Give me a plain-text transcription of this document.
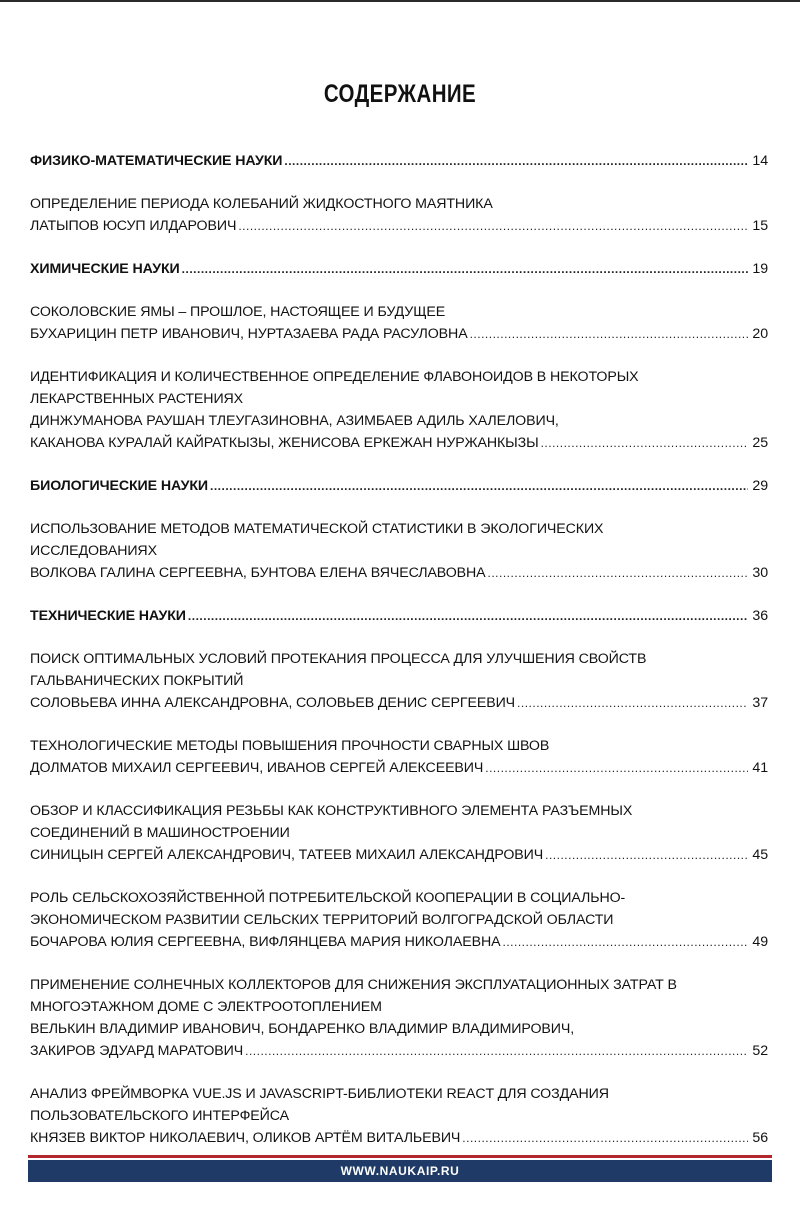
СОДЕРЖАНИЕ
ФИЗИКО-МАТЕМАТИЧЕСКИЕ НАУКИ .....	14
ОПРЕДЕЛЕНИЕ ПЕРИОДА КОЛЕБАНИЙ ЖИДКОСТНОГО МАЯТНИКА
ЛАТЫПОВ ЮСУП ИЛДАРОВИЧ .....	15
ХИМИЧЕСКИЕ НАУКИ .....	19
СОКОЛОВСКИЕ ЯМЫ – ПРОШЛОЕ, НАСТОЯЩЕЕ И БУДУЩЕЕ
БУХАРИЦИН ПЕТР ИВАНОВИЧ, НУРТАЗАЕВА РАДА РАСУЛОВНА .....	20
ИДЕНТИФИКАЦИЯ И КОЛИЧЕСТВЕННОЕ ОПРЕДЕЛЕНИЕ ФЛАВОНОИДОВ В НЕКОТОРЫХ
ЛЕКАРСТВЕННЫХ РАСТЕНИЯХ
ДИНЖУМАНОВА РАУШАН ТЛЕУГАЗИНОВНА, АЗИМБАЕВ АДИЛЬ ХАЛЕЛОВИЧ,
КАКАНОВА КУРАЛАЙ КАЙРАТКЫЗЫ, ЖЕНИСОВА ЕРКЕЖАН НУРЖАНКЫЗЫ .....	25
БИОЛОГИЧЕСКИЕ НАУКИ .....	29
ИСПОЛЬЗОВАНИЕ МЕТОДОВ МАТЕМАТИЧЕСКОЙ СТАТИСТИКИ В ЭКОЛОГИЧЕСКИХ
ИССЛЕДОВАНИЯХ
ВОЛКОВА ГАЛИНА СЕРГЕЕВНА, БУНТОВА ЕЛЕНА ВЯЧЕСЛАВОВНА .....	30
ТЕХНИЧЕСКИЕ НАУКИ .....	36
ПОИСК ОПТИМАЛЬНЫХ УСЛОВИЙ ПРОТЕКАНИЯ ПРОЦЕССА ДЛЯ УЛУЧШЕНИЯ СВОЙСТВ
ГАЛЬВАНИЧЕСКИХ ПОКРЫТИЙ
СОЛОВЬЕВА ИННА АЛЕКСАНДРОВНА, СОЛОВЬЕВ ДЕНИС СЕРГЕЕВИЧ .....	37
ТЕХНОЛОГИЧЕСКИЕ МЕТОДЫ ПОВЫШЕНИЯ ПРОЧНОСТИ СВАРНЫХ ШВОВ
ДОЛМАТОВ МИХАИЛ СЕРГЕЕВИЧ, ИВАНОВ СЕРГЕЙ АЛЕКСЕЕВИЧ .....	41
ОБЗОР И КЛАССИФИКАЦИЯ РЕЗЬБЫ КАК КОНСТРУКТИВНОГО ЭЛЕМЕНТА РАЗЪЕМНЫХ
СОЕДИНЕНИЙ В МАШИНОСТРОЕНИИ
СИНИЦЫН СЕРГЕЙ АЛЕКСАНДРОВИЧ, ТАТЕЕВ МИХАИЛ АЛЕКСАНДРОВИЧ .....	45
РОЛЬ СЕЛЬСКОХОЗЯЙСТВЕННОЙ ПОТРЕБИТЕЛЬСКОЙ КООПЕРАЦИИ В СОЦИАЛЬНО-
ЭКОНОМИЧЕСКОМ РАЗВИТИИ СЕЛЬСКИХ ТЕРРИТОРИЙ ВОЛГОГРАДСКОЙ ОБЛАСТИ
БОЧАРОВА ЮЛИЯ СЕРГЕЕВНА, ВИФЛЯНЦЕВА МАРИЯ НИКОЛАЕВНА .....	49
ПРИМЕНЕНИЕ СОЛНЕЧНЫХ КОЛЛЕКТОРОВ ДЛЯ СНИЖЕНИЯ ЭКСПЛУАТАЦИОННЫХ ЗАТРАТ В
МНОГОЭТАЖНОМ ДОМЕ С ЭЛЕКТРООТОПЛЕНИЕМ
ВЕЛЬКИН ВЛАДИМИР ИВАНОВИЧ, БОНДАРЕНКО ВЛАДИМИР ВЛАДИМИРОВИЧ,
ЗАКИРОВ ЭДУАРД МАРАТОВИЧ .....	52
АНАЛИЗ ФРЕЙМВОРКА VUE.JS И JAVASCRIPT-БИБЛИОТЕКИ REACT ДЛЯ СОЗДАНИЯ
ПОЛЬЗОВАТЕЛЬСКОГО ИНТЕРФЕЙСА
КНЯЗЕВ ВИКТОР НИКОЛАЕВИЧ, ОЛИКОВ АРТЁМ ВИТАЛЬЕВИЧ .....	56
WWW.NAUKAIP.RU
